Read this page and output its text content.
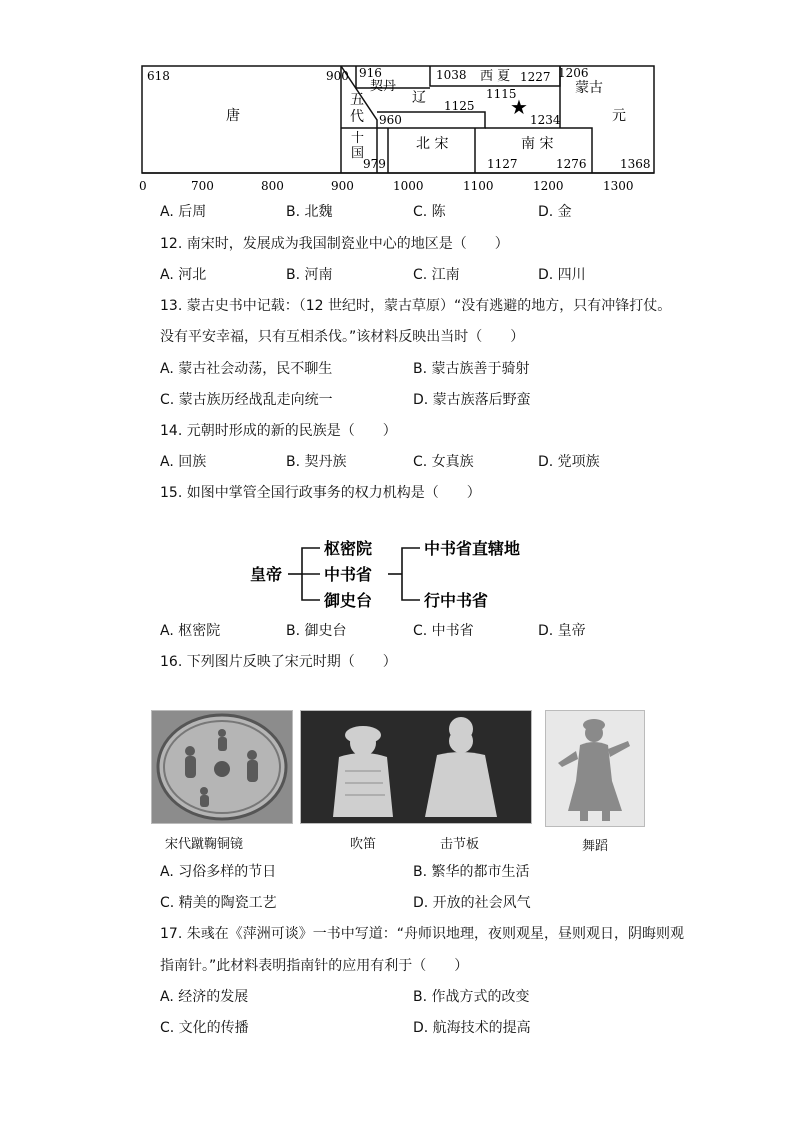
唐
五
代
十
国
契丹
辽
西 夏
蒙古
元
北 宋	南 宋
618	900 916	1038	1227 1206
1115
1125
960	1234
979	1127	1276	1368
★
0	700	800	900	1000	1100	1200	1300
A. 后周	B. 北魏	C. 陈	D. 金
12. 南宋时，发展成为我国制瓷业中心的地区是（　　）
A. 河北	B. 河南	C. 江南	D. 四川
13. 蒙古史书中记载：（12 世纪时，蒙古草原）“没有逃避的地方，只有冲锋打仗。
没有平安幸福，只有互相杀伐。”该材料反映出当时（　　）
A. 蒙古社会动荡，民不聊生	B. 蒙古族善于骑射
C. 蒙古族历经战乱走向统一	D. 蒙古族落后野蛮
14. 元朝时形成的新的民族是（　　）
A. 回族	B. 契丹族	C. 女真族	D. 党项族
15. 如图中掌管全国行政事务的权力机构是（　　）
皇帝
枢密院
中书省
御史台
中书省直辖地
行中书省
A. 枢密院	B. 御史台	C. 中书省	D. 皇帝
16. 下列图片反映了宋元时期（　　）
宋代蹴鞠铜镜	吹笛	击节板	舞蹈
A. 习俗多样的节日	B. 繁华的都市生活
C. 精美的陶瓷工艺	D. 开放的社会风气
17. 朱彧在《萍洲可谈》一书中写道：“舟师识地理，夜则观星，昼则观日，阴晦则观
指南针。”此材料表明指南针的应用有利于（　　）
A. 经济的发展	B. 作战方式的改变
C. 文化的传播	D. 航海技术的提高
